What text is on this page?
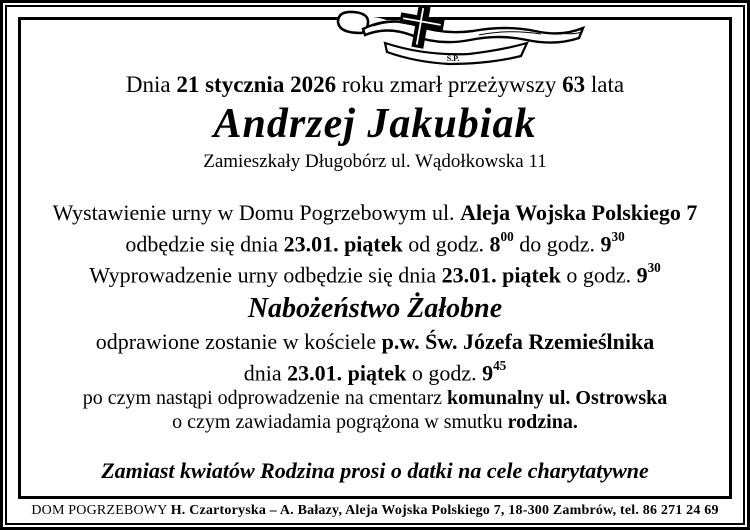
Ś.P.
Dnia 21 stycznia 2026 roku zmarł przeżywszy 63 lata
Andrzej Jakubiak
Zamieszkały Długobórz ul. Wądołkowska 11
Wystawienie urny w Domu Pogrzebowym ul. Aleja Wojska Polskiego 7
odbędzie się dnia 23.01. piątek od godz. $8^{00}$ do godz. $9^{30}$
Wyprowadzenie urny odbędzie się dnia 23.01. piątek o godz. $9^{30}$
Nabożeństwo Żałobne
odprawione zostanie w kościele p.w. Św. Józefa Rzemieślnika
dnia 23.01. piątek o godz. $9^{45}$
po czym nastąpi odprowadzenie na cmentarz komunalny ul. Ostrowska
o czym zawiadamia pogrążona w smutku rodzina.
Zamiast kwiatów Rodzina prosi o datki na cele charytatywne
DOM POGRZEBOWY H. Czartoryska – A. Bałazy, Aleja Wojska Polskiego 7, 18-300 Zambrów, tel. 86 271 24 69
